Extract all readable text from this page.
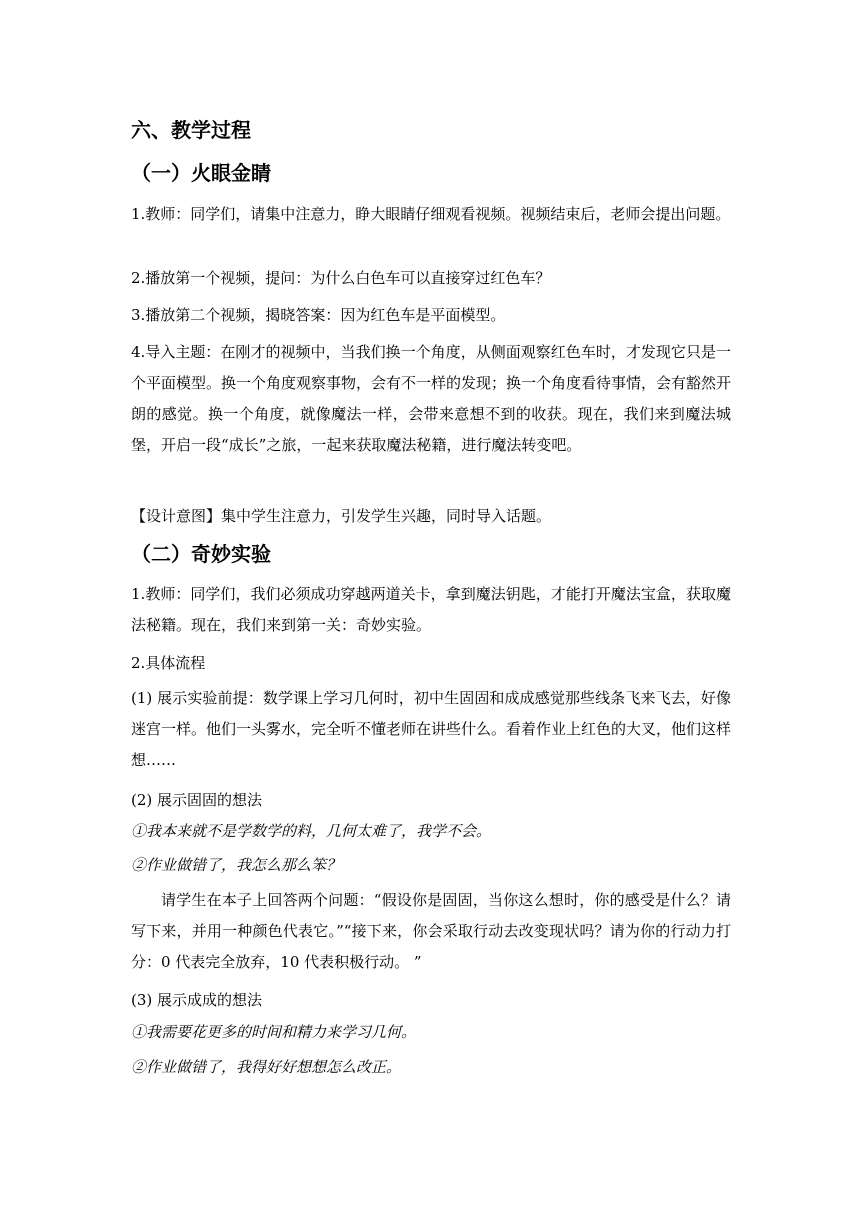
六、教学过程
（一）火眼金睛
1.教师：同学们，请集中注意力，睁大眼睛仔细观看视频。视频结束后，老师会提出问题。
2.播放第一个视频，提问：为什么白色车可以直接穿过红色车？
3.播放第二个视频，揭晓答案：因为红色车是平面模型。
4.导入主题：在刚才的视频中，当我们换一个角度，从侧面观察红色车时，才发现它只是一个平面模型。换一个角度观察事物，会有不一样的发现；换一个角度看待事情，会有豁然开朗的感觉。换一个角度，就像魔法一样，会带来意想不到的收获。现在，我们来到魔法城堡，开启一段“成长”之旅，一起来获取魔法秘籍，进行魔法转变吧。
【设计意图】集中学生注意力，引发学生兴趣，同时导入话题。
（二）奇妙实验
1.教师：同学们，我们必须成功穿越两道关卡，拿到魔法钥匙，才能打开魔法宝盒，获取魔法秘籍。现在，我们来到第一关：奇妙实验。
2.具体流程
(1) 展示实验前提：数学课上学习几何时，初中生固固和成成感觉那些线条飞来飞去，好像迷宫一样。他们一头雾水，完全听不懂老师在讲些什么。看着作业上红色的大叉，他们这样想……
(2) 展示固固的想法
①我本来就不是学数学的料，几何太难了，我学不会。
②作业做错了，我怎么那么笨？
请学生在本子上回答两个问题：“假设你是固固，当你这么想时，你的感受是什么？请写下来，并用一种颜色代表它。”“接下来，你会采取行动去改变现状吗？请为你的行动力打分：0 代表完全放弃，10 代表积极行动。 ”
(3) 展示成成的想法
①我需要花更多的时间和精力来学习几何。
②作业做错了，我得好好想想怎么改正。
